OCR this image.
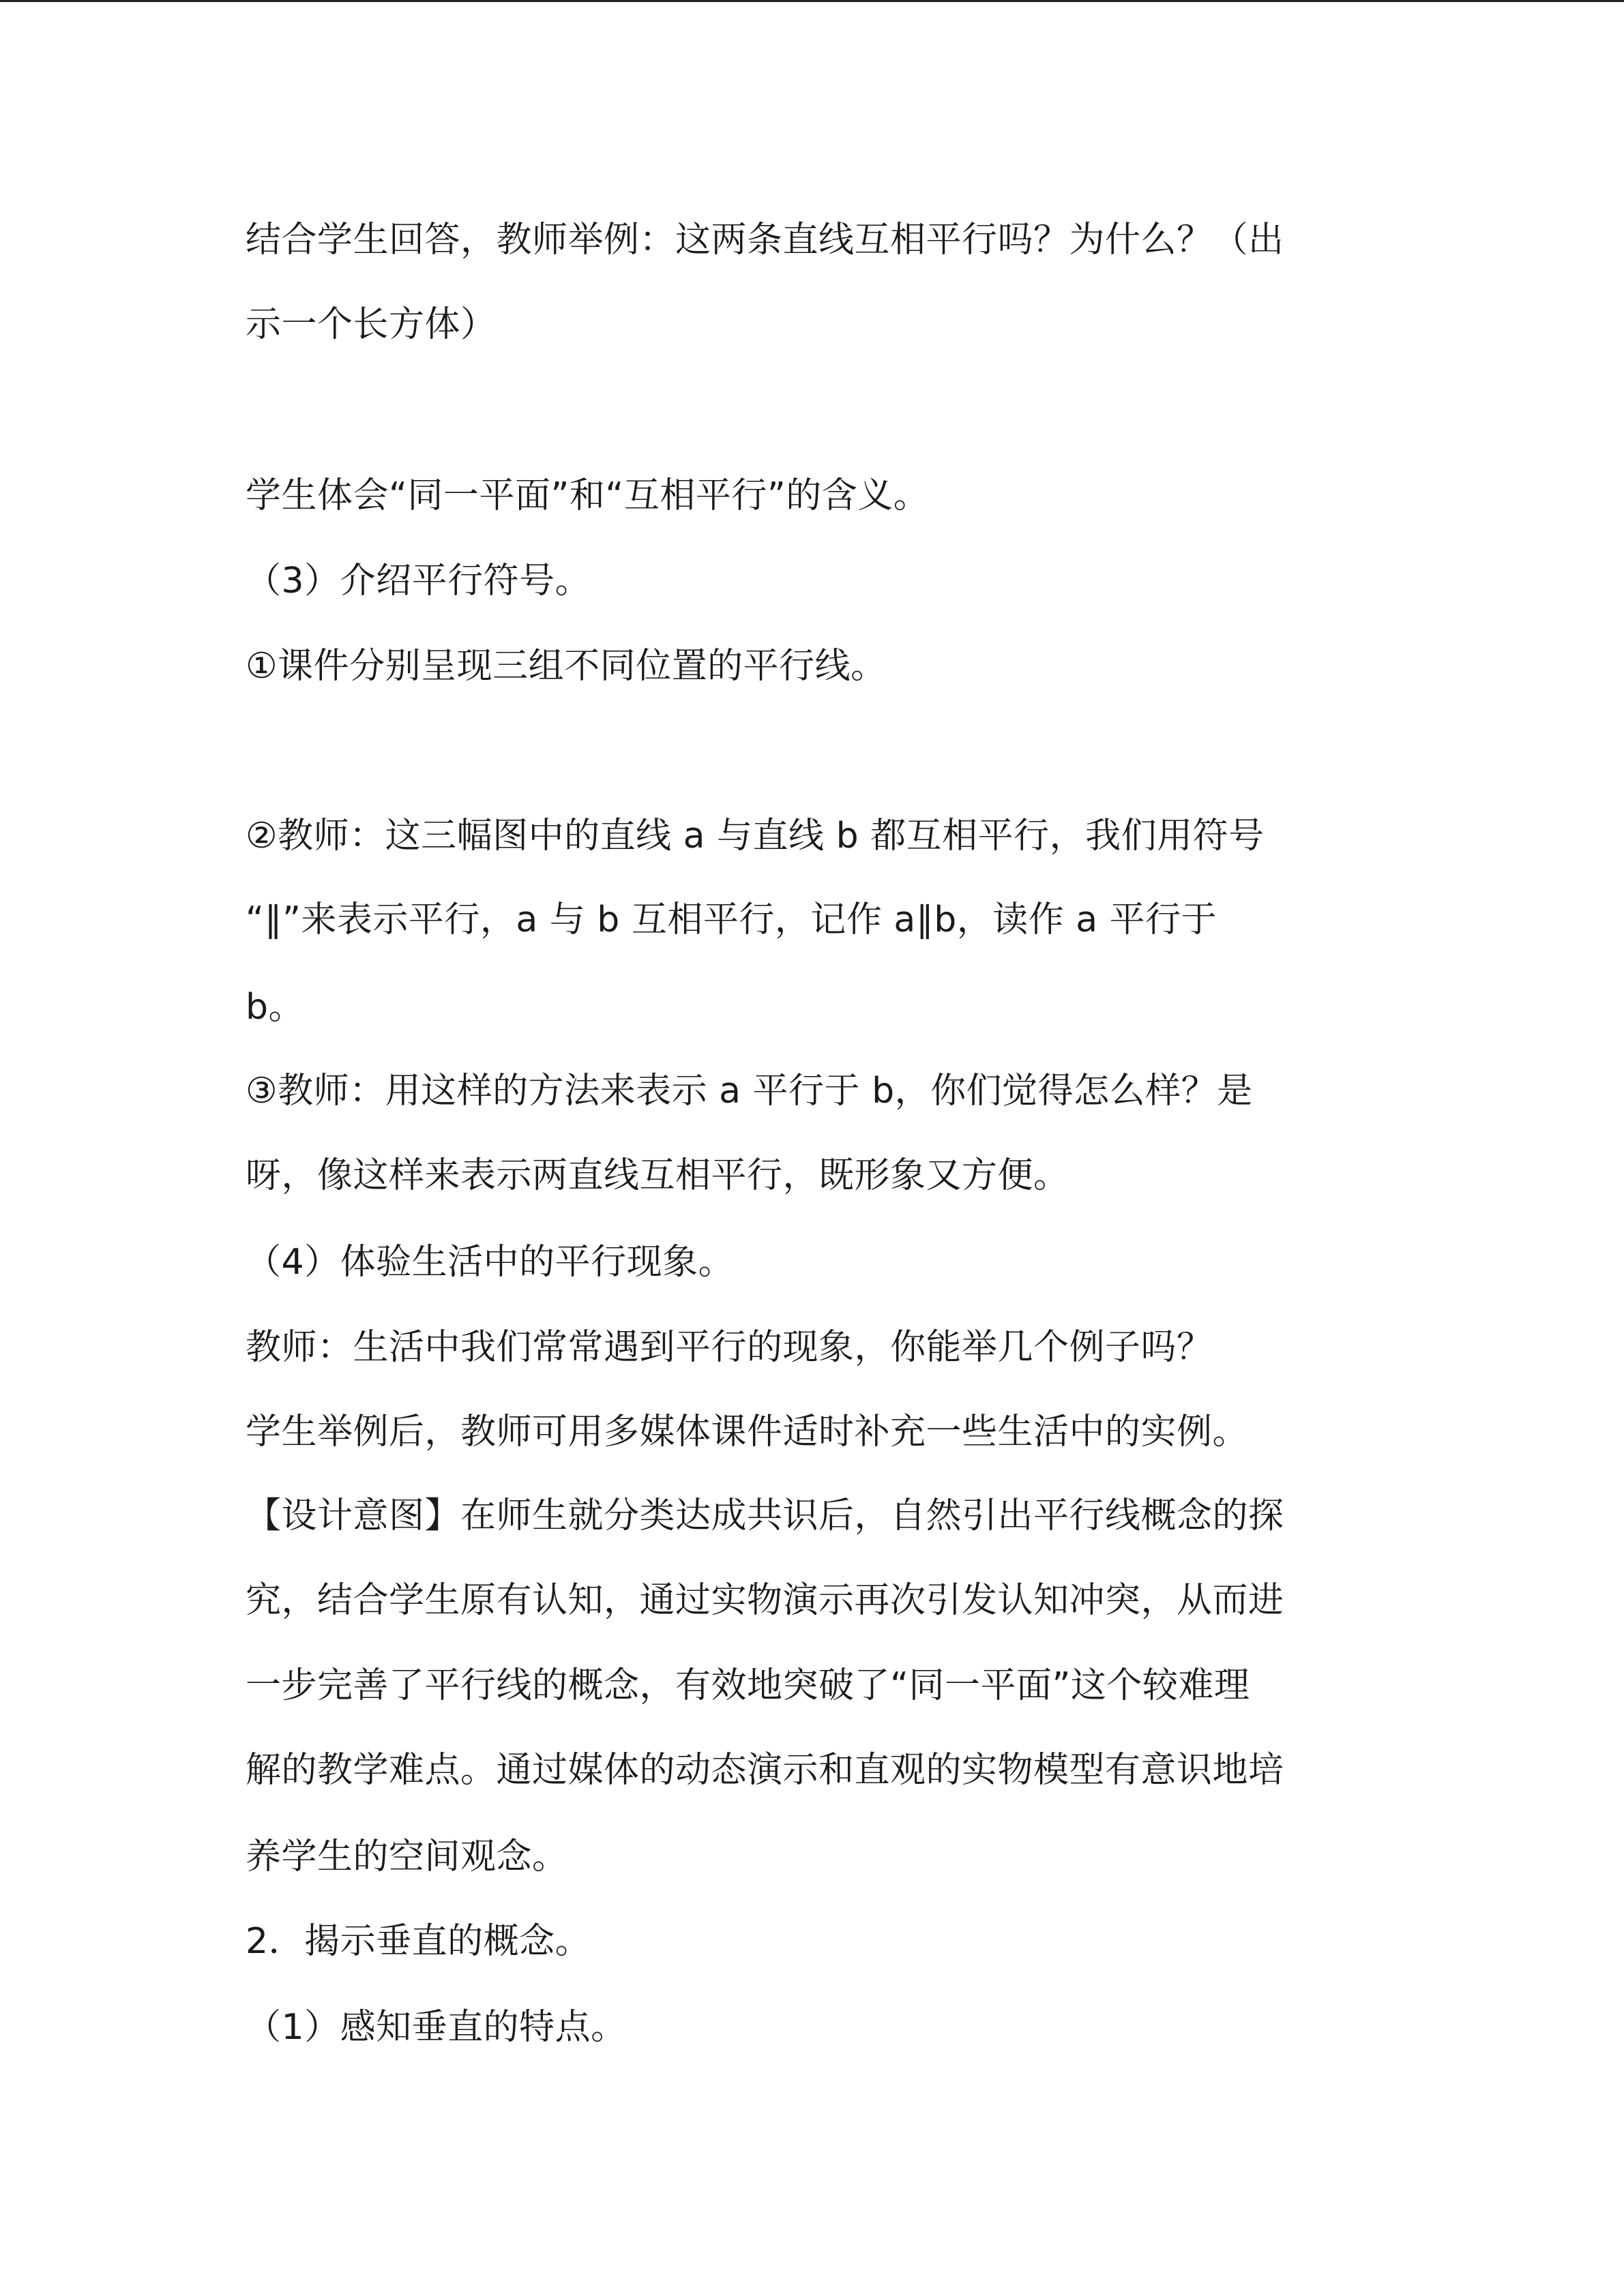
结合学生回答，教师举例：这两条直线互相平行吗？为什么？（出

示一个长方体）

学生体会“同一平面”和“互相平行”的含义。

（3）介绍平行符号。

①课件分别呈现三组不同位置的平行线。

②教师：这三幅图中的直线 a 与直线 b 都互相平行，我们用符号

“∥”来表示平行，a 与 b 互相平行，记作 a∥b，读作 a 平行于

b。

③教师：用这样的方法来表示 a 平行于 b，你们觉得怎么样？是

呀，像这样来表示两直线互相平行，既形象又方便。

（4）体验生活中的平行现象。

教师：生活中我们常常遇到平行的现象，你能举几个例子吗？

学生举例后，教师可用多媒体课件适时补充一些生活中的实例。

【设计意图】在师生就分类达成共识后，自然引出平行线概念的探

究，结合学生原有认知，通过实物演示再次引发认知冲突，从而进

一步完善了平行线的概念，有效地突破了“同一平面”这个较难理

解的教学难点。通过媒体的动态演示和直观的实物模型有意识地培

养学生的空间观念。

2．揭示垂直的概念。

（1）感知垂直的特点。
